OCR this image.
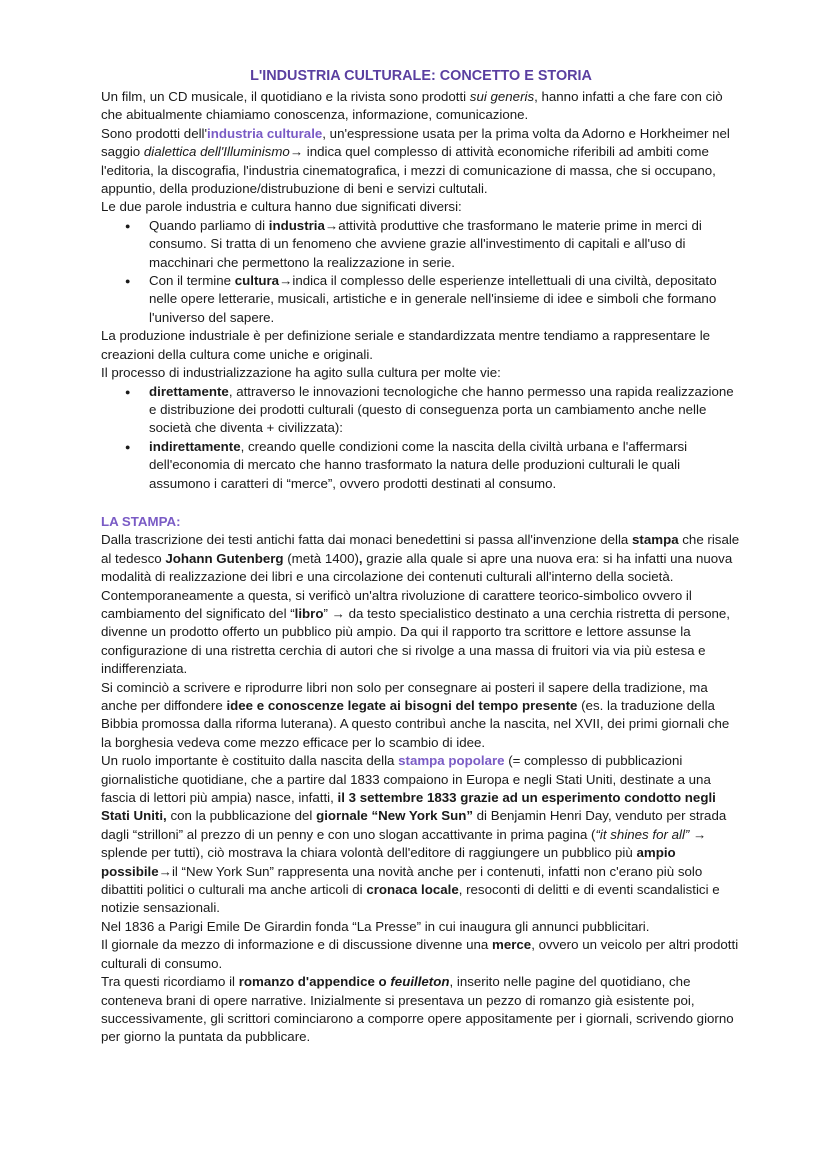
L'INDUSTRIA CULTURALE: CONCETTO E STORIA

Un film, un CD musicale, il quotidiano e la rivista sono prodotti sui generis, hanno infatti a che fare con ciò che abitualmente chiamiamo conoscenza, informazione, comunicazione.

Sono prodotti dell'industria culturale, un'espressione usata per la prima volta da Adorno e Horkheimer nel saggio dialettica dell'Illuminismo→ indica quel complesso di attività economiche riferibili ad ambiti come l'editoria, la discografia, l'industria cinematografica, i mezzi di comunicazione di massa, che si occupano, appuntio, della produzione/distrubuzione di beni e servizi cultutali.

Le due parole industria e cultura hanno due significati diversi:

● Quando parliamo di industria→attività produttive che trasformano le materie prime in merci di consumo. Si tratta di un fenomeno che avviene grazie all'investimento di capitali e all'uso di macchinari che permettono la realizzazione in serie.
● Con il termine cultura→indica il complesso delle esperienze intellettuali di una civiltà, depositato nelle opere letterarie, musicali, artistiche e in generale nell'insieme di idee e simboli che formano l'universo del sapere.

La produzione industriale è per definizione seriale e standardizzata mentre tendiamo a rappresentare le creazioni della cultura come uniche e originali.

Il processo di industrializzazione ha agito sulla cultura per molte vie:

● direttamente, attraverso le innovazioni tecnologiche che hanno permesso una rapida realizzazione e distribuzione dei prodotti culturali (questo di conseguenza porta un cambiamento anche nelle società che diventa + civilizzata):
● indirettamente, creando quelle condizioni come la nascita della civiltà urbana e l'affermarsi dell'economia di mercato che hanno trasformato la natura delle produzioni culturali le quali assumono i caratteri di “merce”, ovvero prodotti destinati al consumo.

LA STAMPA:

Dalla trascrizione dei testi antichi fatta dai monaci benedettini si passa all'invenzione della stampa che risale al tedesco Johann Gutenberg (metà 1400), grazie alla quale si apre una nuova era: si ha infatti una nuova modalità di realizzazione dei libri e una circolazione dei contenuti culturali all'interno della società.

Contemporaneamente a questa, si verificò un'altra rivoluzione di carattere teorico-simbolico ovvero il cambiamento del significato del “libro” → da testo specialistico destinato a una cerchia ristretta di persone, divenne un prodotto offerto un pubblico più ampio. Da qui il rapporto tra scrittore e lettore assunse la configurazione di una ristretta cerchia di autori che si rivolge a una massa di fruitori via via più estesa e indifferenziata.

Si cominciò a scrivere e riprodurre libri non solo per consegnare ai posteri il sapere della tradizione, ma anche per diffondere idee e conoscenze legate ai bisogni del tempo presente (es. la traduzione della Bibbia promossa dalla riforma luterana). A questo contribuì anche la nascita, nel XVII, dei primi giornali che la borghesia vedeva come mezzo efficace per lo scambio di idee.

Un ruolo importante è costituito dalla nascita della stampa popolare (= complesso di pubblicazioni giornalistiche quotidiane, che a partire dal 1833 compaiono in Europa e negli Stati Uniti, destinate a una fascia di lettori più ampia) nasce, infatti, il 3 settembre 1833 grazie ad un esperimento condotto negli Stati Uniti, con la pubblicazione del giornale “New York Sun” di Benjamin Henri Day, venduto per strada dagli “strilloni” al prezzo di un penny e con uno slogan accattivante in prima pagina (“it shines for all” → splende per tutti), ciò mostrava la chiara volontà dell'editore di raggiungere un pubblico più ampio possibile→il “New York Sun” rappresenta una novità anche per i contenuti, infatti non c'erano più solo dibattiti politici o culturali ma anche articoli di cronaca locale, resoconti di delitti e di eventi scandalistici e notizie sensazionali.

Nel 1836 a Parigi Emile De Girardin fonda “La Presse” in cui inaugura gli annunci pubblicitari.

Il giornale da mezzo di informazione e di discussione divenne una merce, ovvero un veicolo per altri prodotti culturali di consumo.

Tra questi ricordiamo il romanzo d'appendice o feuilleton, inserito nelle pagine del quotidiano, che conteneva brani di opere narrative. Inizialmente si presentava un pezzo di romanzo già esistente poi, successivamente, gli scrittori cominciarono a comporre opere appositamente per i giornali, scrivendo giorno per giorno la puntata da pubblicare.
